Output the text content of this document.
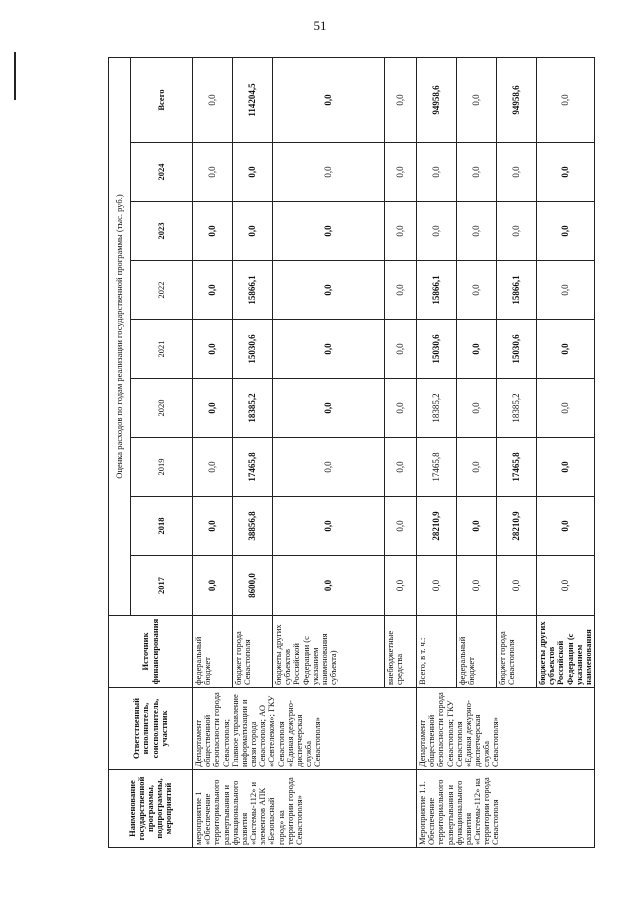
51
Наименование государственной программы, подпрограммы, мероприятий	Ответственный исполнитель, соисполнитель, участник	Источник финансирования	Оценка расходов по годам реализации государственной программы (тыс. руб.)								
			2017	2018	2019	2020	2021	2022	2023	2024	Всего
мероприятие 1 «Обеспечение территориального развертывания и функционального развития «Системы-112» и элементов АПК «Безопасный город» на территории города Севастополя»	Департамент общественной безопасности города Севастополя; Главное управление информатизации и связи города Севастополя; АО «Севтелеком»; ГКУ Севастополя «Единая дежурно-диспетчерская служба Севастополя»	федеральный бюджет	0,0	0,0	0,0	0,0	0,0	0,0	0,0	0,0	0,0
		бюджет города Севастополя	8600,0	38856,8	17465,8	18385,2	15030,6	15866,1	0,0	0,0	114204,5
		бюджеты других субъектов Российской Федерации (с указанием наименования субъекта)	0,0	0,0	0,0	0,0	0,0	0,0	0,0	0,0	0,0
		внебюджетные средства	0,0	0,0	0,0	0,0	0,0	0,0	0,0	0,0	0,0
Мероприятие 1.1. Обеспечение территориального развертывания и функционального развития «Системы-112» на территории города Севастополя	Департамент общественной безопасности города Севастополя; ГКУ Севастополя «Единая дежурно-диспетчерская служба Севастополя»	Всего, в т. ч.:	0,0	28210,9	17465,8	18385,2	15030,6	15866,1	0,0	0,0	94958,6
		федеральный бюджет	0,0	0,0	0,0	0,0	0,0	0,0	0,0	0,0	0,0
		бюджет города Севастополя	0,0	28210,9	17465,8	18385,2	15030,6	15866,1	0,0	0,0	94958,6
		бюджеты других субъектов Российской Федерации (с указанием наименования	0,0	0,0	0,0	0,0	0,0	0,0	0,0	0,0	0,0
